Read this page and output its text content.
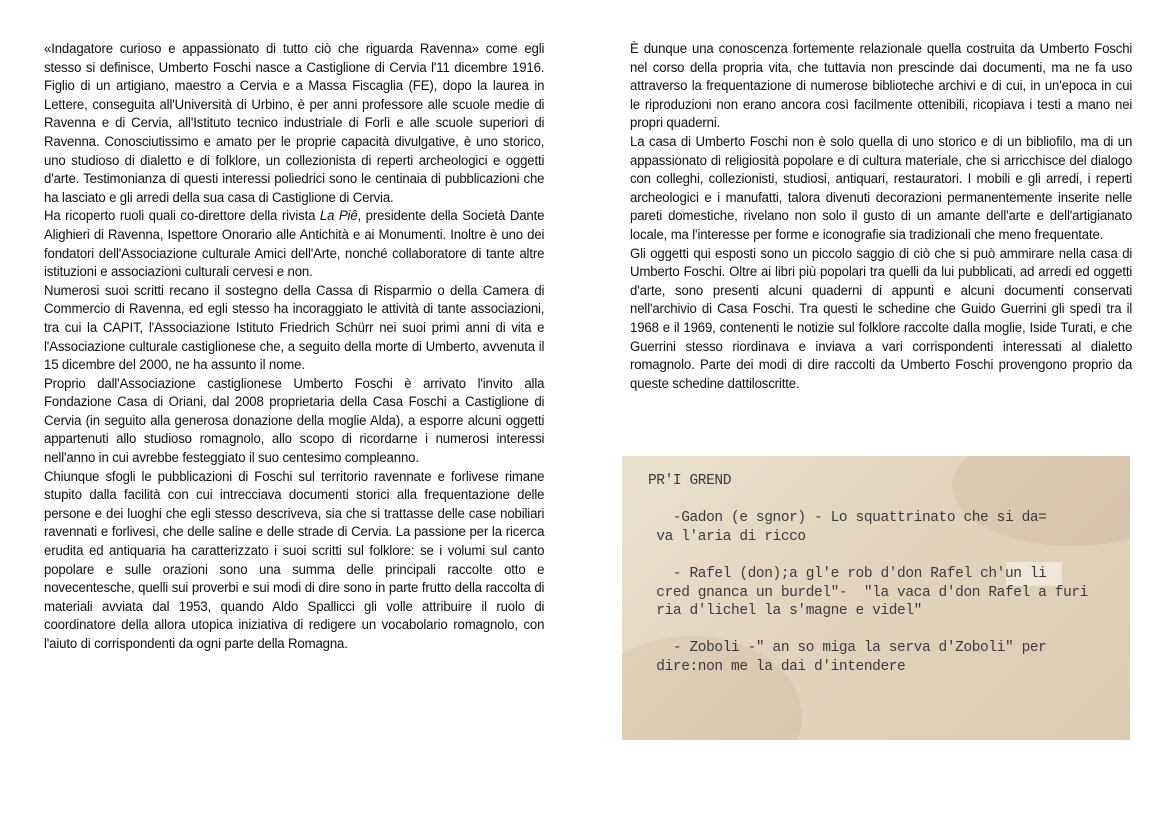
«Indagatore curioso e appassionato di tutto ciò che riguarda Ravenna» come egli stesso si definisce, Umberto Foschi nasce a Castiglione di Cervia l'11 dicembre 1916. Figlio di un artigiano, maestro a Cervia e a Massa Fiscaglia (FE), dopo la laurea in Lettere, conseguita all'Università di Urbino, è per anni professore alle scuole medie di Ravenna e di Cervia, all'Istituto tecnico industriale di Forlì e alle scuole superiori di Ravenna. Conosciutissimo e amato per le proprie capacità divulgative, è uno storico, uno studioso di dialetto e di folklore, un collezionista di reperti archeologici e oggetti d'arte. Testimonianza di questi interessi poliedrici sono le centinaia di pubblicazioni che ha lasciato e gli arredi della sua casa di Castiglione di Cervia.

Ha ricoperto ruoli quali co-direttore della rivista La Piê, presidente della Società Dante Alighieri di Ravenna, Ispettore Onorario alle Antichità e ai Monumenti. Inoltre è uno dei fondatori dell'Associazione culturale Amici dell'Arte, nonché collaboratore di tante altre istituzioni e associazioni culturali cervesi e non.

Numerosi suoi scritti recano il sostegno della Cassa di Risparmio o della Camera di Commercio di Ravenna, ed egli stesso ha incoraggiato le attività di tante associazioni, tra cui la CAPIT, l'Associazione Istituto Friedrich Schürr nei suoi primi anni di vita e l'Associazione culturale castiglionese che, a seguito della morte di Umberto, avvenuta il 15 dicembre del 2000, ne ha assunto il nome.

Proprio dall'Associazione castiglionese Umberto Foschi è arrivato l'invito alla Fondazione Casa di Oriani, dal 2008 proprietaria della Casa Foschi a Castiglione di Cervia (in seguito alla generosa donazione della moglie Alda), a esporre alcuni oggetti appartenuti allo studioso romagnolo, allo scopo di ricordarne i numerosi interessi nell'anno in cui avrebbe festeggiato il suo centesimo compleanno.

Chiunque sfogli le pubblicazioni di Foschi sul territorio ravennate e forlivese rimane stupito dalla facilità con cui intrecciava documenti storici alla frequentazione delle persone e dei luoghi che egli stesso descriveva, sia che si trattasse delle case nobiliari ravennati e forlivesi, che delle saline e delle strade di Cervia. La passione per la ricerca erudita ed antiquaria ha caratterizzato i suoi scritti sul folklore: se i volumi sul canto popolare e sulle orazioni sono una summa delle principali raccolte otto e novecentesche, quelli sui proverbi e sui modi di dire sono in parte frutto della raccolta di materiali avviata dal 1953, quando Aldo Spallicci gli volle attribuire il ruolo di coordinatore della allora utopica iniziativa di redigere un vocabolario romagnolo, con l'aiuto di corrispondenti da ogni parte della Romagna.

È dunque una conoscenza fortemente relazionale quella costruita da Umberto Foschi nel corso della propria vita, che tuttavia non prescinde dai documenti, ma ne fa uso attraverso la frequentazione di numerose biblioteche archivi e di cui, in un'epoca in cui le riproduzioni non erano ancora così facilmente ottenibili, ricopiava i testi a mano nei propri quaderni.

La casa di Umberto Foschi non è solo quella di uno storico e di un bibliofilo, ma di un appassionato di religiosità popolare e di cultura materiale, che si arricchisce del dialogo con colleghi, collezionisti, studiosi, antiquari, restauratori. I mobili e gli arredi, i reperti archeologici e i manufatti, talora divenuti decorazioni permanentemente inserite nelle pareti domestiche, rivelano non solo il gusto di un amante dell'arte e dell'artigianato locale, ma l'interesse per forme e iconografie sia tradizionali che meno frequentate.

Gli oggetti qui esposti sono un piccolo saggio di ciò che si può ammirare nella casa di Umberto Foschi. Oltre ai libri più popolari tra quelli da lui pubblicati, ad arredi ed oggetti d'arte, sono presenti alcuni quaderni di appunti e alcuni documenti conservati nell'archivio di Casa Foschi. Tra questi le schedine che Guido Guerrini gli spedì tra il 1968 e il 1969, contenenti le notizie sul folklore raccolte dalla moglie, Iside Turati, e che Guerrini stesso riordinava e inviava a vari corrispondenti interessati al dialetto romagnolo. Parte dei modi di dire raccolti da Umberto Foschi provengono proprio da queste schedine dattiloscritte.

PR'I GREND

-Gadon (e sgnor) - Lo squattrinato che si da=
va l'aria di ricco

- Rafel (don);a gl'e rob d'don Rafel ch'un li
cred gnanca un burdel"-  "la vaca d'don Rafel a furi
ria d'lichel la s'magne e videl"

- Zoboli -" an so miga la serva d'Zoboli" per
dire:non me la dai d'intendere
